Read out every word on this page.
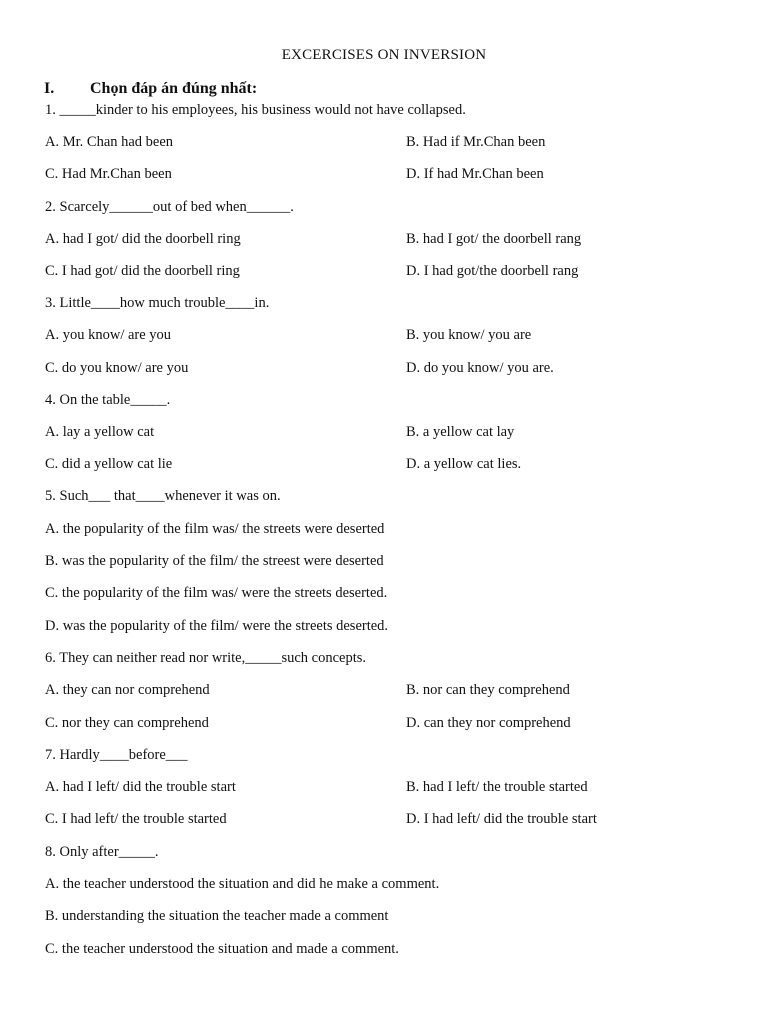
EXCERCISES ON INVERSION
I. Chọn đáp án đúng nhất:
1. _____kinder to his employees, his business would not have collapsed.
A. Mr. Chan had been	B. Had if Mr.Chan been
C. Had Mr.Chan been	D. If had Mr.Chan been
2. Scarcely______out of bed when______.
A. had I got/ did the doorbell ring	B. had I got/ the doorbell rang
C. I had got/ did the doorbell ring	D. I had got/the doorbell rang
3. Little____how much trouble____in.
A. you know/ are you	B. you know/ you are
C. do you know/ are you	D. do you know/ you are.
4. On the table_____.
A. lay a yellow cat	B. a yellow cat lay
C. did a yellow cat lie	D. a yellow cat lies.
5. Such___ that____whenever it was on.
A. the popularity of the film was/ the streets were deserted
B. was the popularity of the film/ the streest were deserted
C. the popularity of the film was/ were the streets deserted.
D. was the popularity of the film/ were the streets deserted.
6. They can neither read nor write,_____such concepts.
A. they can nor comprehend	B. nor can they comprehend
C. nor they can comprehend	D. can they nor comprehend
7. Hardly____before___
A. had I left/ did the trouble start	B. had I left/ the trouble started
C. I had left/ the trouble started	D. I had left/ did the trouble start
8. Only after_____.
A. the teacher understood the situation and did he make a comment.
B. understanding the situation the teacher made a comment
C. the teacher understood the situation and made a comment.
